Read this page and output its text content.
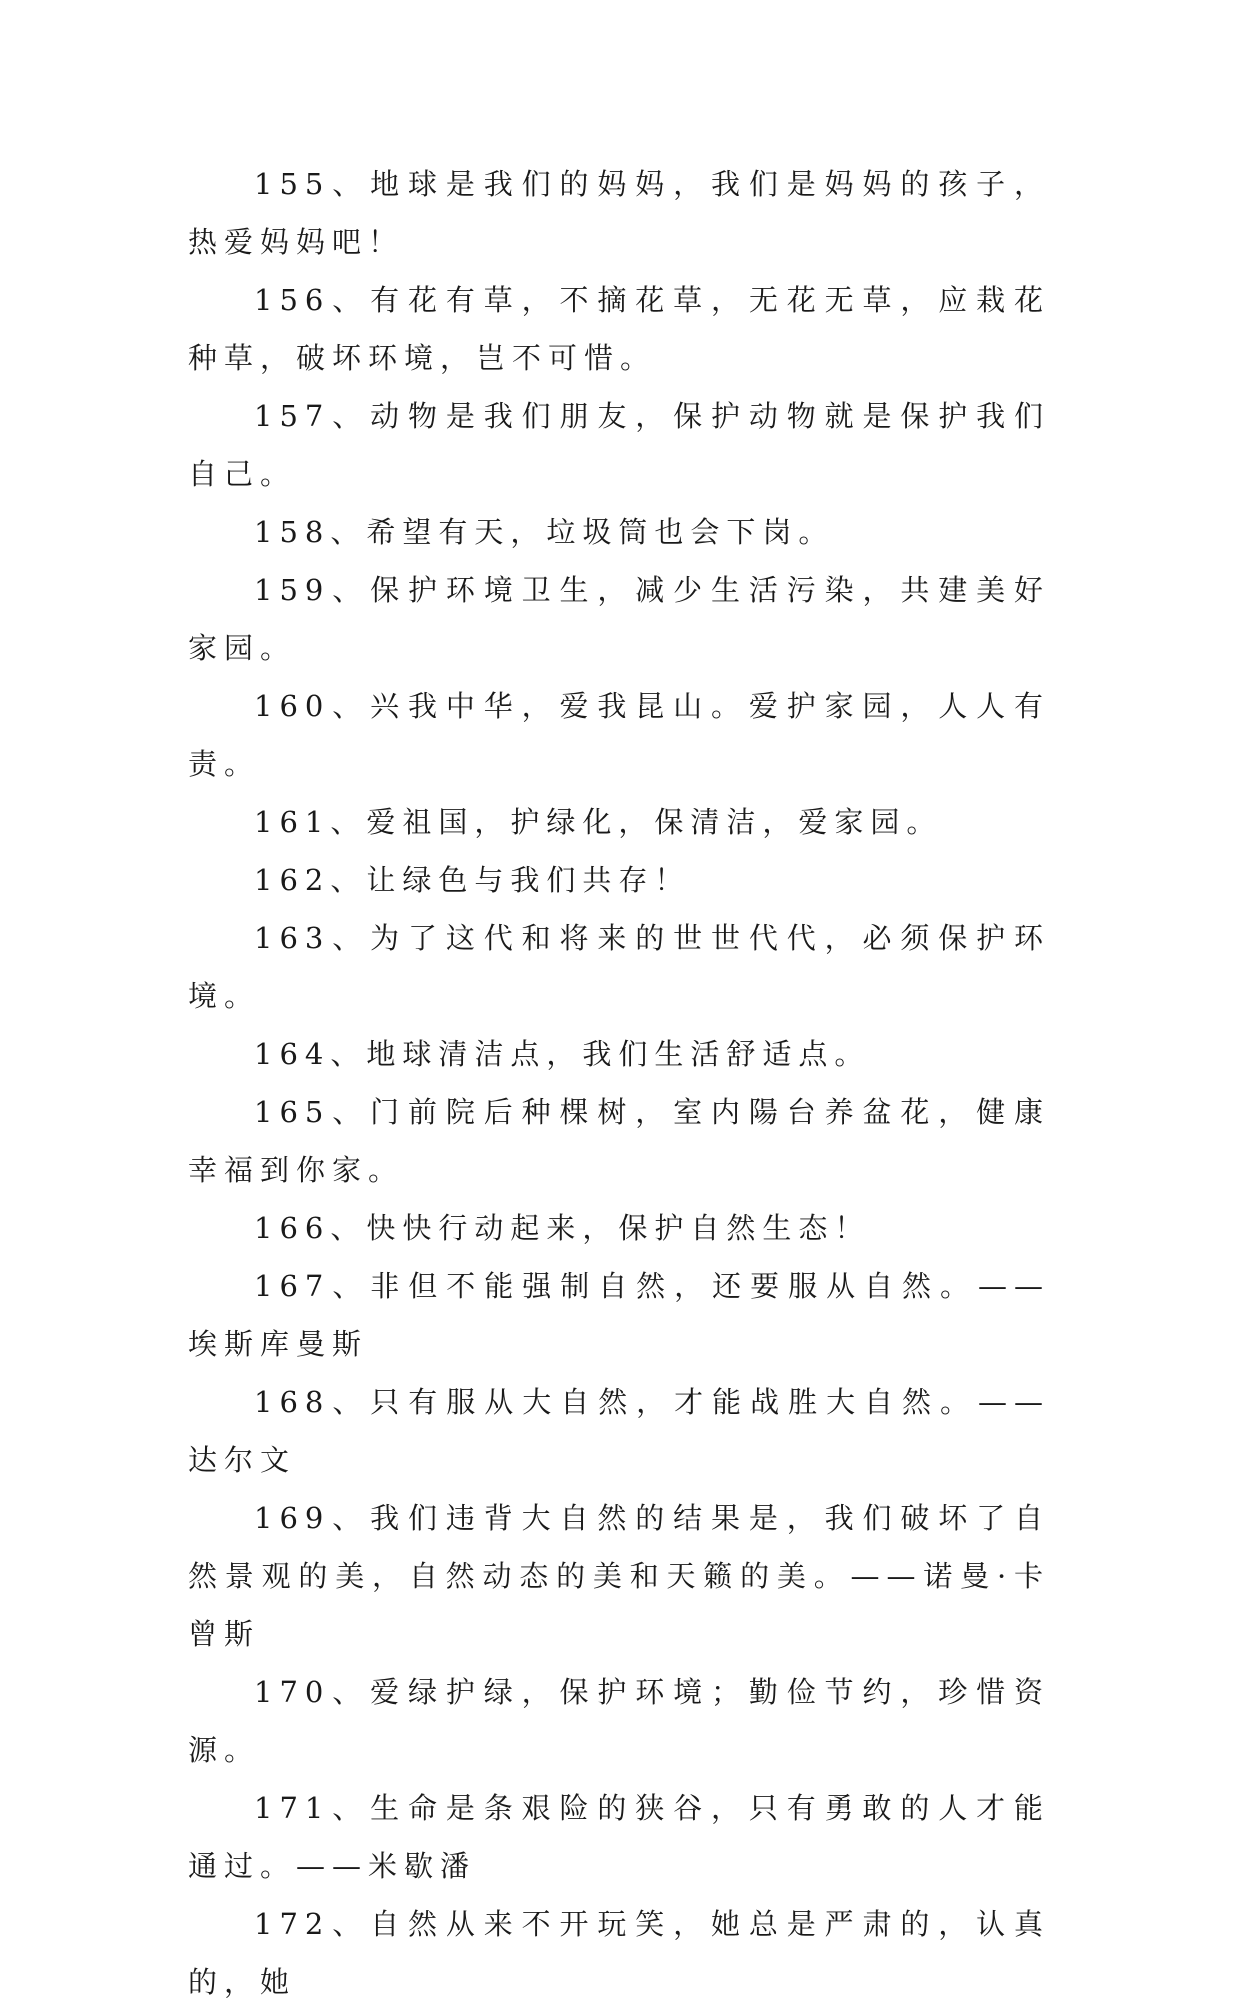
155、地球是我们的妈妈，我们是妈妈的孩子，热爱妈妈吧！

156、有花有草，不摘花草，无花无草，应栽花种草，破坏环境，岂不可惜。

157、动物是我们朋友，保护动物就是保护我们自己。

158、希望有天，垃圾筒也会下岗。

159、保护环境卫生，减少生活污染，共建美好家园。

160、兴我中华，爱我昆山。爱护家园，人人有责。

161、爱祖国，护绿化，保清洁，爱家园。

162、让绿色与我们共存！

163、为了这代和将来的世世代代，必须保护环境。

164、地球清洁点，我们生活舒适点。

165、门前院后种棵树，室内陽台养盆花，健康幸福到你家。

166、快快行动起来，保护自然生态！

167、非但不能强制自然，还要服从自然。——埃斯库曼斯

168、只有服从大自然，才能战胜大自然。——达尔文

169、我们违背大自然的结果是，我们破坏了自然景观的美，自然动态的美和天籁的美。——诺曼·卡曾斯

170、爱绿护绿，保护环境；勤俭节约，珍惜资源。

171、生命是条艰险的狭谷，只有勇敢的人才能通过。——米歇潘

172、自然从来不开玩笑，她总是严肃的，认真的，她
